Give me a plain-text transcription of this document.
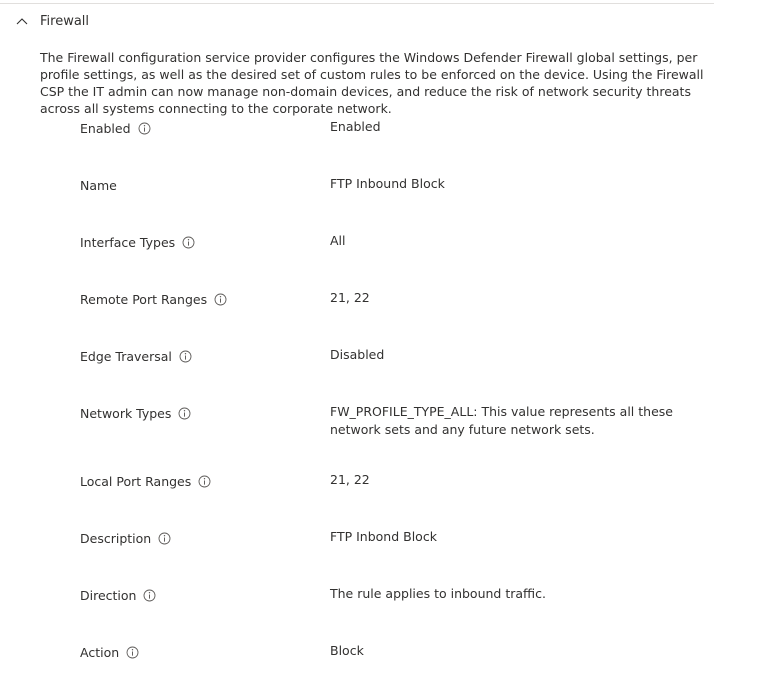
Firewall
The Firewall configuration service provider configures the Windows Defender Firewall global settings, per profile settings, as well as the desired set of custom rules to be enforced on the device. Using the Firewall CSP the IT admin can now manage non-domain devices, and reduce the risk of network security threats across all systems connecting to the corporate network.
Enabled	Enabled
Name	FTP Inbound Block
Interface Types	All
Remote Port Ranges	21, 22
Edge Traversal	Disabled
Network Types	FW_PROFILE_TYPE_ALL: This value represents all these network sets and any future network sets.
Local Port Ranges	21, 22
Description	FTP Inbond Block
Direction	The rule applies to inbound traffic.
Action	Block
